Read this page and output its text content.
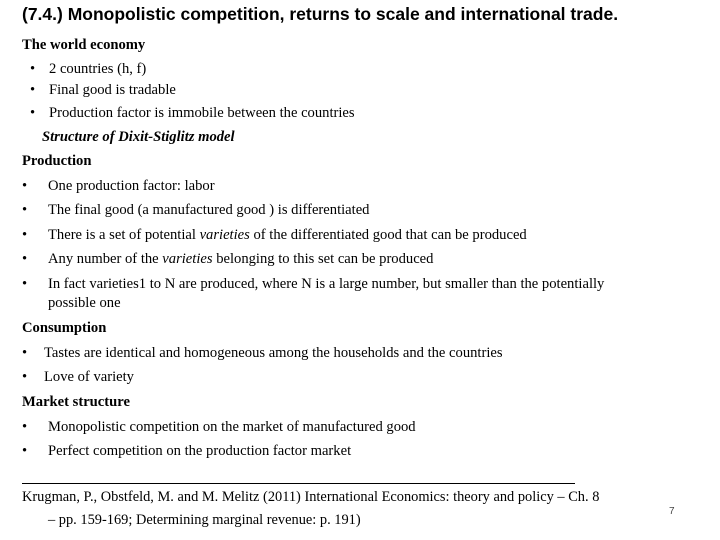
(7.4.) Monopolistic competition, returns to scale and international trade.
The world economy
• 2 countries (h, f)
• Final good is tradable
• Production factor is immobile between the countries
Structure of Dixit-Stiglitz model
Production
• One production factor: labor
• The final good (a manufactured good ) is differentiated
• There is a set of potential varieties of the differentiated good that can be produced
• Any number of the varieties belonging to this set can be produced
• In fact varieties1 to N are produced, where N is a large number, but smaller than the potentially
possible one
Consumption
• Tastes are identical and homogeneous among the households and the countries
• Love of variety
Market structure
• Monopolistic competition on the market of manufactured good
• Perfect competition on the production factor market
Krugman, P., Obstfeld, M. and M. Melitz (2011) International Economics: theory and policy – Ch. 8
– pp. 159-169; Determining marginal revenue: p. 191)
7
